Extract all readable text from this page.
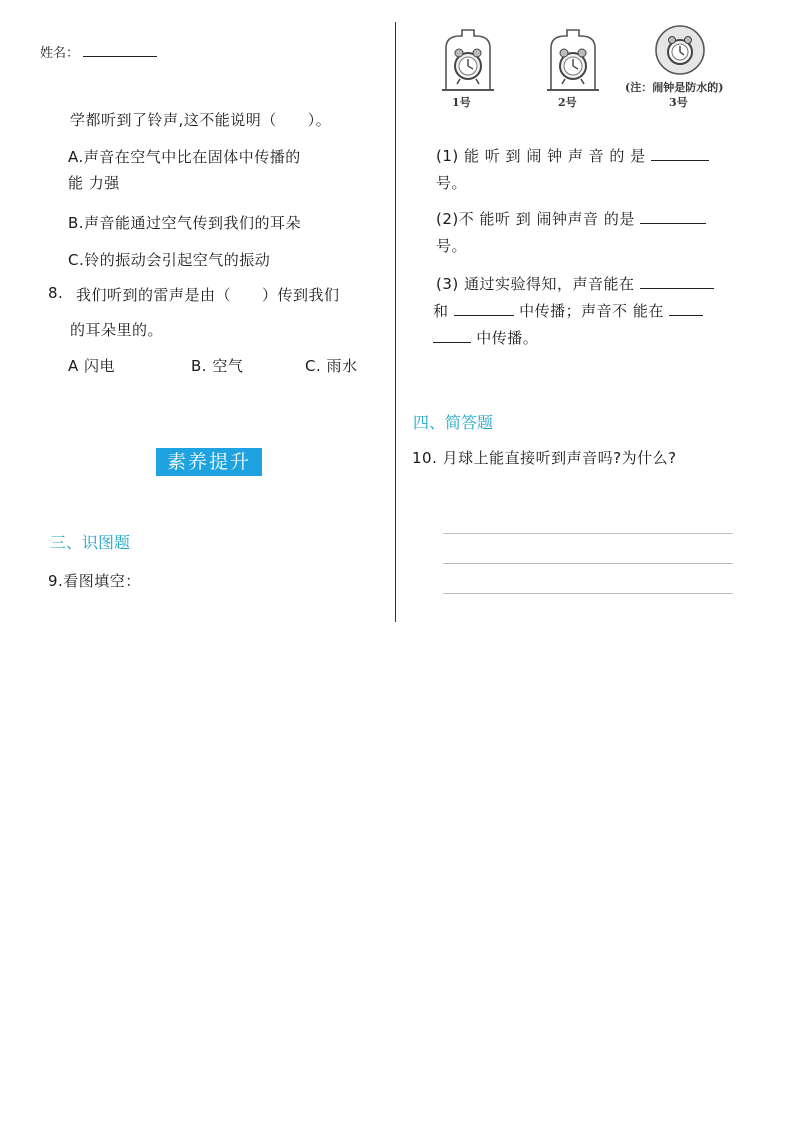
姓名：
学都听到了铃声,这不能说明（　　）。
A.声音在空气中比在固体中传播的
能 力强
B.声音能通过空气传到我们的耳朵
C.铃的振动会引起空气的振动
8. 我们听到的雷声是由（　　）传到我们
的耳朵里的。
A 闪电	B. 空气	C. 雨水
素养提升
三、识图题
9.看图填空：
1号	2号
(注：闹钟是防水的)
3号
(1) 能 听 到 闹 钟 声 音 的 是
号。
(2)不 能听 到 闹钟声音 的是
号。
(3) 通过实验得知，声音能在
和	中传播；声音不 能在
中传播。
四、简答题
10. 月球上能直接听到声音吗?为什么?
